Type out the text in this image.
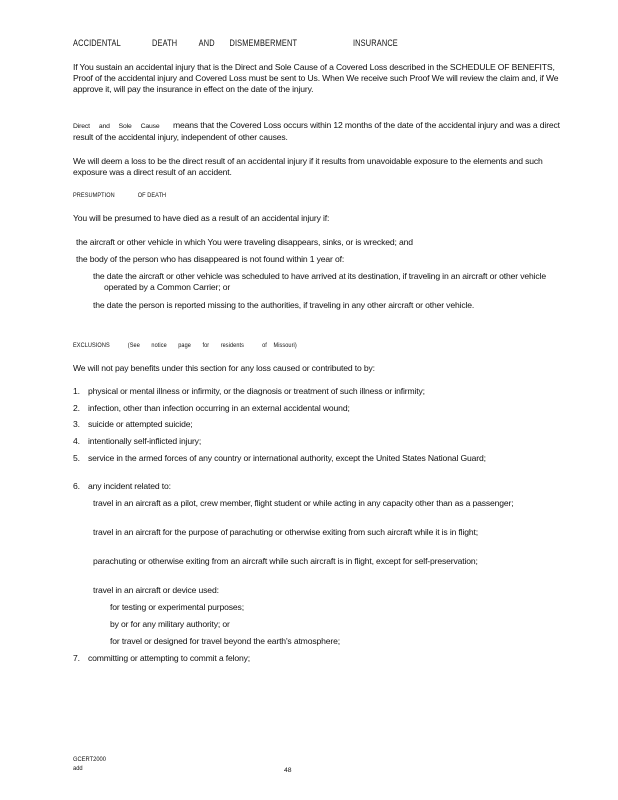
ACCIDENTAL	DEATH AND DISMEMBERMENT	INSURANCE
If You sustain an accidental injury that is the Direct and Sole Cause of a Covered Loss described in the SCHEDULE OF BENEFITS, Proof of the accidental injury and Covered Loss must be sent to Us. When We receive such Proof We will review the claim and, if We approve it, will pay the insurance in effect on the date of the injury.
Direct and Sole Cause means that the Covered Loss occurs within 12 months of the date of the accidental injury and was a direct result of the accidental injury, independent of other causes.
We will deem a loss to be the direct result of an accidental injury if it results from unavoidable exposure to the elements and such exposure was a direct result of an accident.
PRESUMPTION	OF DEATH
You will be presumed to have died as a result of an accidental injury if:
the aircraft or other vehicle in which You were traveling disappears, sinks, or is wrecked; and
the body of the person who has disappeared is not found within 1 year of:
the date the aircraft or other vehicle was scheduled to have arrived at its destination, if traveling in an aircraft or other vehicle operated by a Common Carrier; or
the date the person is reported missing to the authorities, if traveling in any other aircraft or other vehicle.
EXCLUSIONS	(See notice page for residents	of Missouri)
We will not pay benefits under this section for any loss caused or contributed to by:
1. physical or mental illness or infirmity, or the diagnosis or treatment of such illness or infirmity;
2. infection, other than infection occurring in an external accidental wound;
3. suicide or attempted suicide;
4. intentionally self-inflicted injury;
5. service in the armed forces of any country or international authority, except the United States National Guard;
6. any incident related to:
travel in an aircraft as a pilot, crew member, flight student or while acting in any capacity other than as a passenger;
travel in an aircraft for the purpose of parachuting or otherwise exiting from such aircraft while it is in flight;
parachuting or otherwise exiting from an aircraft while such aircraft is in flight, except for self-preservation;
travel in an aircraft or device used:
for testing or experimental purposes;
by or for any military authority; or
for travel or designed for travel beyond the earth's atmosphere;
7. committing or attempting to commit a felony;
GCERT2000
add	48
